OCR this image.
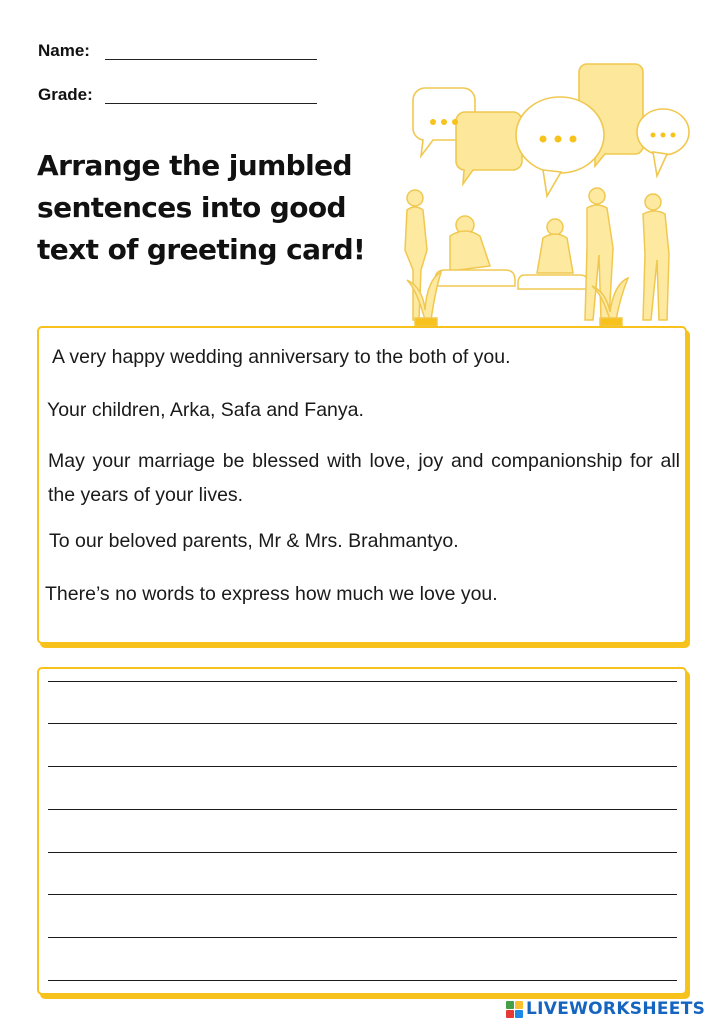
Name:
Grade:
Arrange the jumbled sentences into good text of greeting card!
A very happy wedding anniversary to the both of you.
Your children, Arka, Safa and Fanya.
May your marriage be blessed with love, joy and companionship for all the years of your lives.
To our beloved parents, Mr & Mrs. Brahmantyo.
There’s no words to express how much we love you.
LIVEWORKSHEETS
